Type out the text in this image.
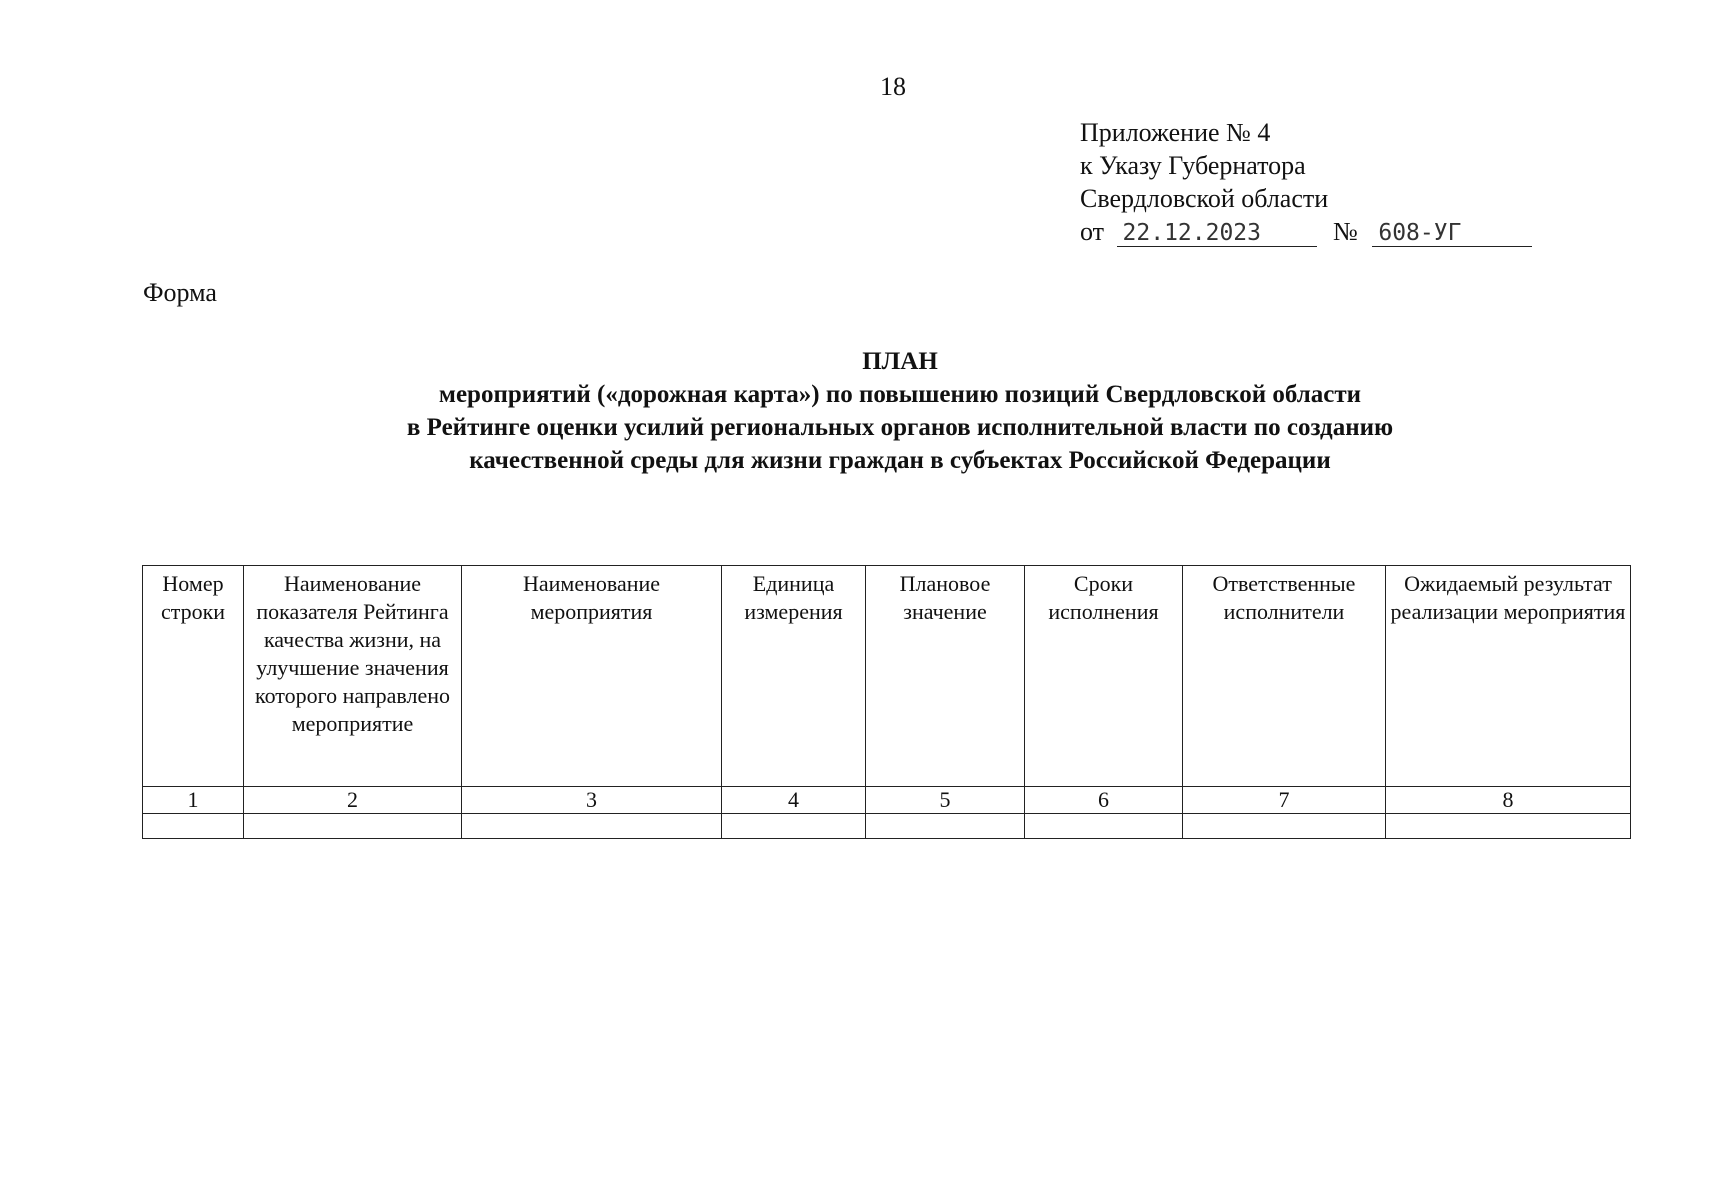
18
Приложение № 4
к Указу Губернатора
Свердловской области
от 22.12.2023	№ 608-УГ
Форма
ПЛАН
мероприятий («дорожная карта») по повышению позиций Свердловской области
в Рейтинге оценки усилий региональных органов исполнительной власти по созданию
качественной среды для жизни граждан в субъектах Российской Федерации
Номер строки	Наименование показателя Рейтинга качества жизни, на улучшение значения которого направлено мероприятие	Наименование мероприятия	Единица измерения	Плановое значение	Сроки исполнения	Ответственные исполнители	Ожидаемый результат реализации мероприятия
1	2	3	4	5	6	7	8
